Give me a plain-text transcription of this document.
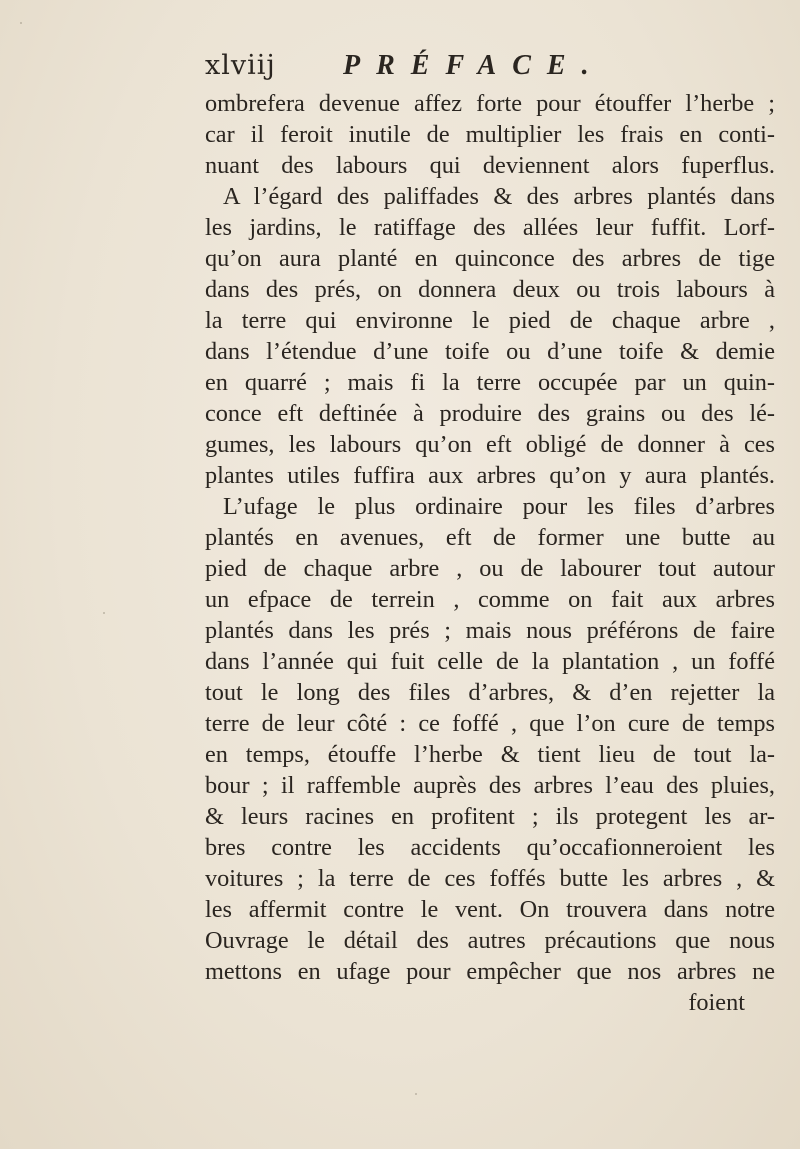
xlviij PRÉFACE.
ombrefera devenue affez forte pour étouffer l’herbe ;
car il feroit inutile de multiplier les frais en conti-
nuant des labours qui deviennent alors fuperflus.
A l’égard des paliffades & des arbres plantés dans
les jardins, le ratiffage des allées leur fuffit. Lorf-
qu’on aura planté en quinconce des arbres de tige
dans des prés, on donnera deux ou trois labours à
la terre qui environne le pied de chaque arbre ,
dans l’étendue d’une toife ou d’une toife & demie
en quarré ; mais fi la terre occupée par un quin-
conce eft deftinée à produire des grains ou des lé-
gumes, les labours qu’on eft obligé de donner à ces
plantes utiles fuffira aux arbres qu’on y aura plantés.
L’ufage le plus ordinaire pour les files d’arbres
plantés en avenues, eft de former une butte au
pied de chaque arbre , ou de labourer tout autour
un efpace de terrein , comme on fait aux arbres
plantés dans les prés ; mais nous préférons de faire
dans l’année qui fuit celle de la plantation , un foffé
tout le long des files d’arbres, & d’en rejetter la
terre de leur côté : ce foffé , que l’on cure de temps
en temps, étouffe l’herbe & tient lieu de tout la-
bour ; il raffemble auprès des arbres l’eau des pluies,
& leurs racines en profitent ; ils protegent les ar-
bres contre les accidents qu’occafionneroient les
voitures ; la terre de ces foffés butte les arbres , &
les affermit contre le vent. On trouvera dans notre
Ouvrage le détail des autres précautions que nous
mettons en ufage pour empêcher que nos arbres ne
foient
